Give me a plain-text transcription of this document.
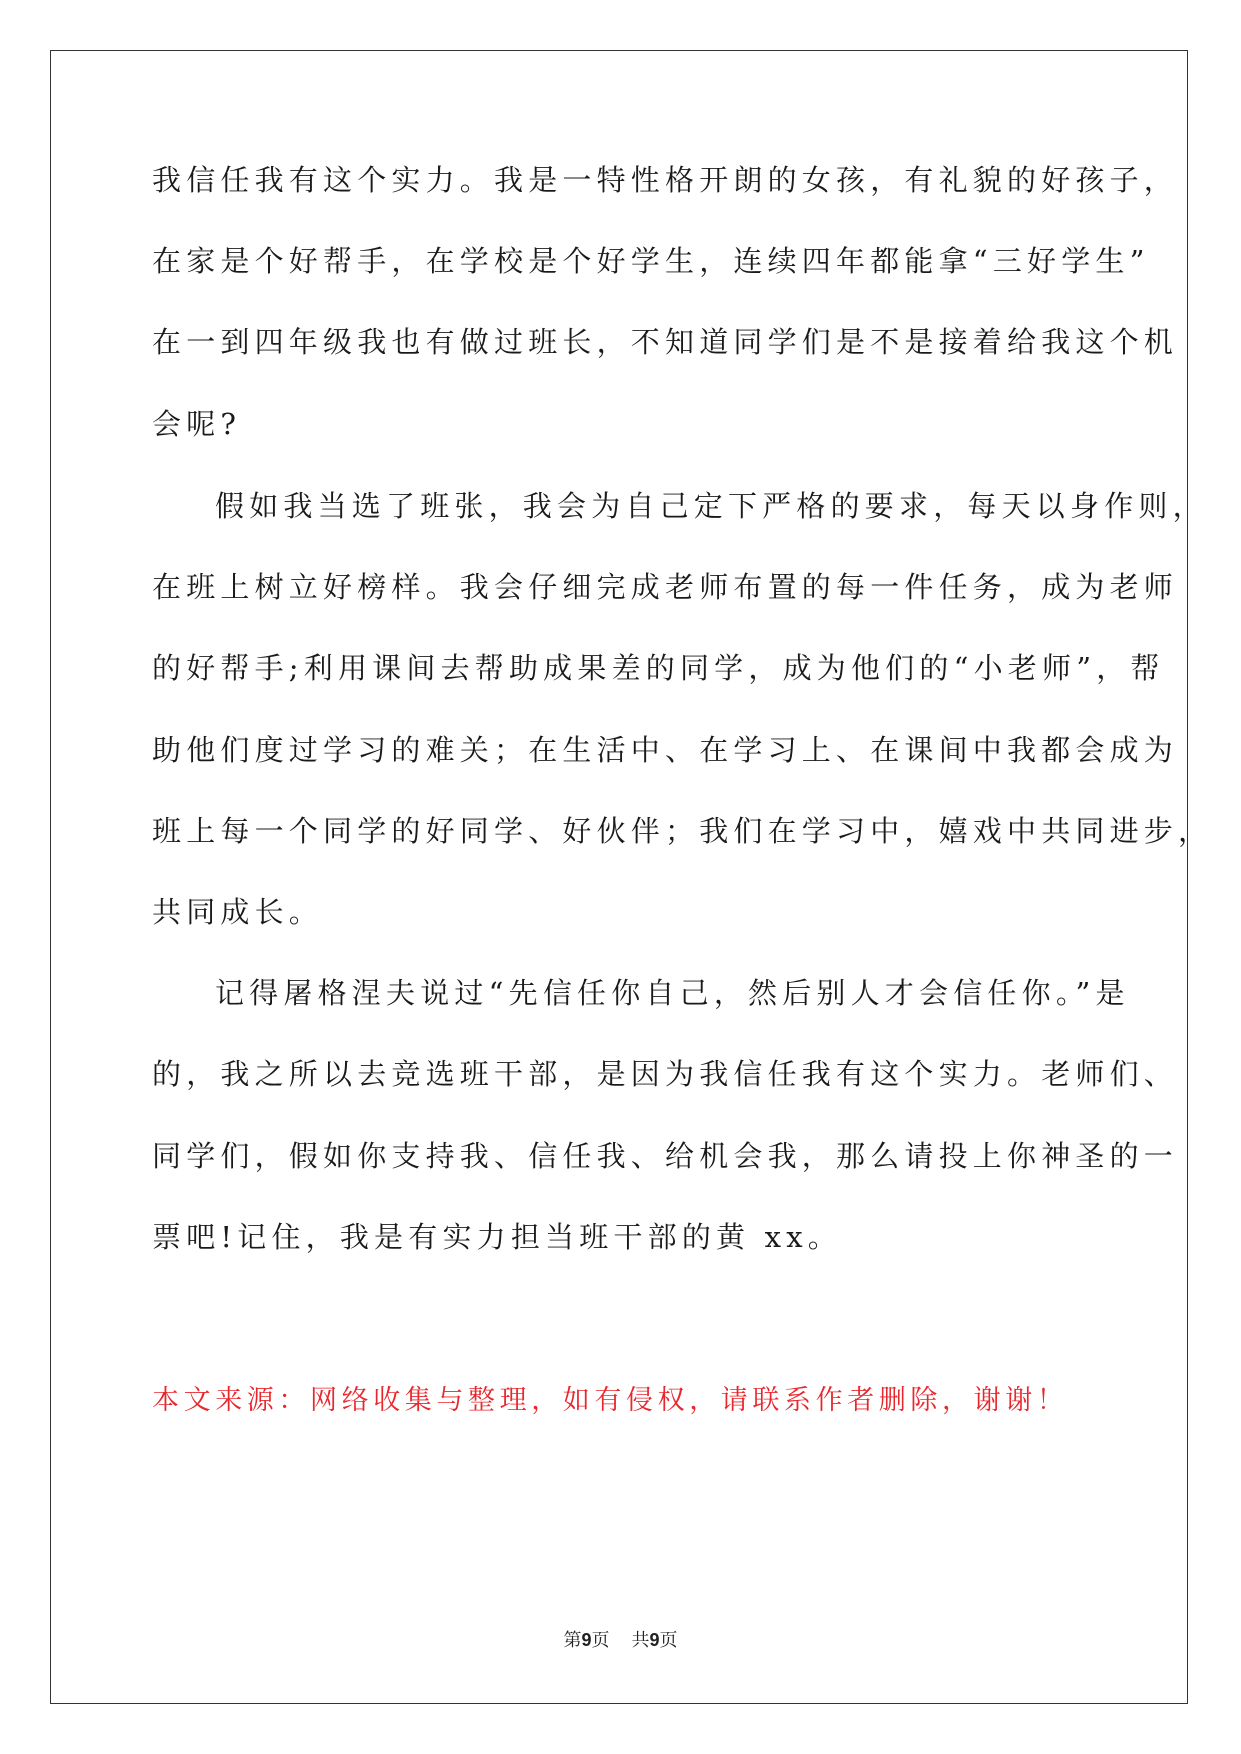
我信任我有这个实力。我是一特性格开朗的女孩，有礼貌的好孩子，
在家是个好帮手，在学校是个好学生，连续四年都能拿“三好学生”
在一到四年级我也有做过班长，不知道同学们是不是接着给我这个机
会呢?
假如我当选了班张，我会为自己定下严格的要求，每天以身作则，
在班上树立好榜样。我会仔细完成老师布置的每一件任务，成为老师
的好帮手;利用课间去帮助成果差的同学，成为他们的“小老师”，帮
助他们度过学习的难关；在生活中、在学习上、在课间中我都会成为
班上每一个同学的好同学、好伙伴；我们在学习中，嬉戏中共同进步，
共同成长。
记得屠格涅夫说过“先信任你自己，然后别人才会信任你。”是
的，我之所以去竞选班干部，是因为我信任我有这个实力。老师们、
同学们，假如你支持我、信任我、给机会我，那么请投上你神圣的一
票吧!记住，我是有实力担当班干部的黄 xx。
本文来源：网络收集与整理，如有侵权，请联系作者删除，谢谢！
第9页 共9页
